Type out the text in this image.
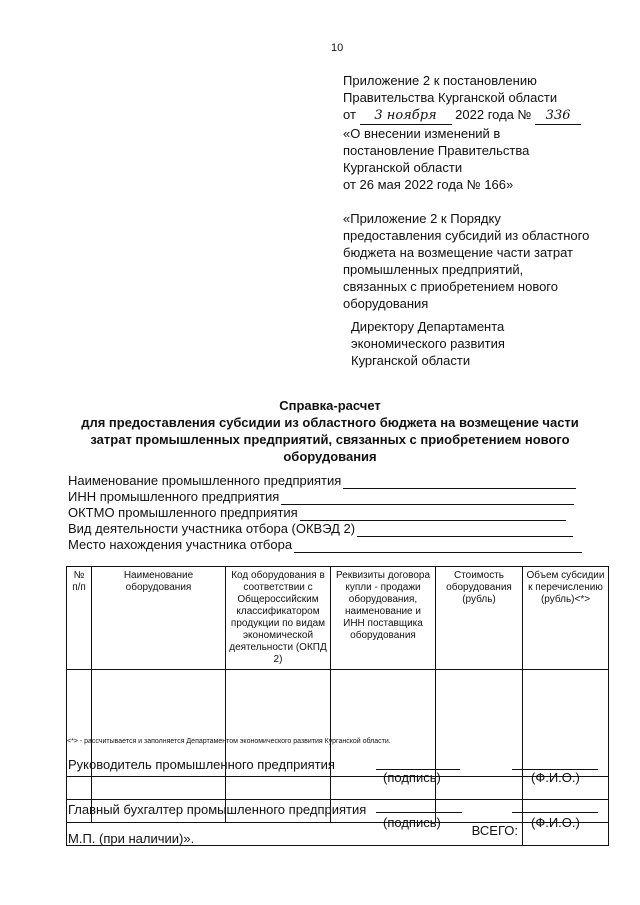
10
Приложение 2 к постановлению
Правительства Курганской области
от 3 ноября 2022 года № 336
«О внесении изменений в
постановление Правительства
Курганской области
от 26 мая 2022 года № 166»
«Приложение 2 к Порядку
предоставления субсидий из областного
бюджета на возмещение части затрат
промышленных предприятий,
связанных с приобретением нового
оборудования
Директору Департамента
экономического развития
Курганской области
Справка-расчет
для предоставления субсидии из областного бюджета на возмещение части
затрат промышленных предприятий, связанных с приобретением нового
оборудования
Наименование промышленного предприятия
ИНН промышленного предприятия
ОКТМО промышленного предприятия
Вид деятельности участника отбора (ОКВЭД 2)
Место нахождения участника отбора
№ п/п	Наименование оборудования	Код оборудования в соответствии с Общероссийским классификатором продукции по видам экономической деятельности (ОКПД 2)	Реквизиты договора купли - продажи оборудования, наименование и ИНН поставщика оборудования	Стоимость оборудования (рубль)	Объем субсидии к перечислению (рубль)<*>

ВСЕГО:					
<*> - рассчитывается и заполняется Департаментом экономического развития Курганской области.
Руководитель промышленного предприятия
(подпись)	(Ф.И.О.)
Главный бухгалтер промышленного предприятия
(подпись)	(Ф.И.О.)
М.П. (при наличии)».
